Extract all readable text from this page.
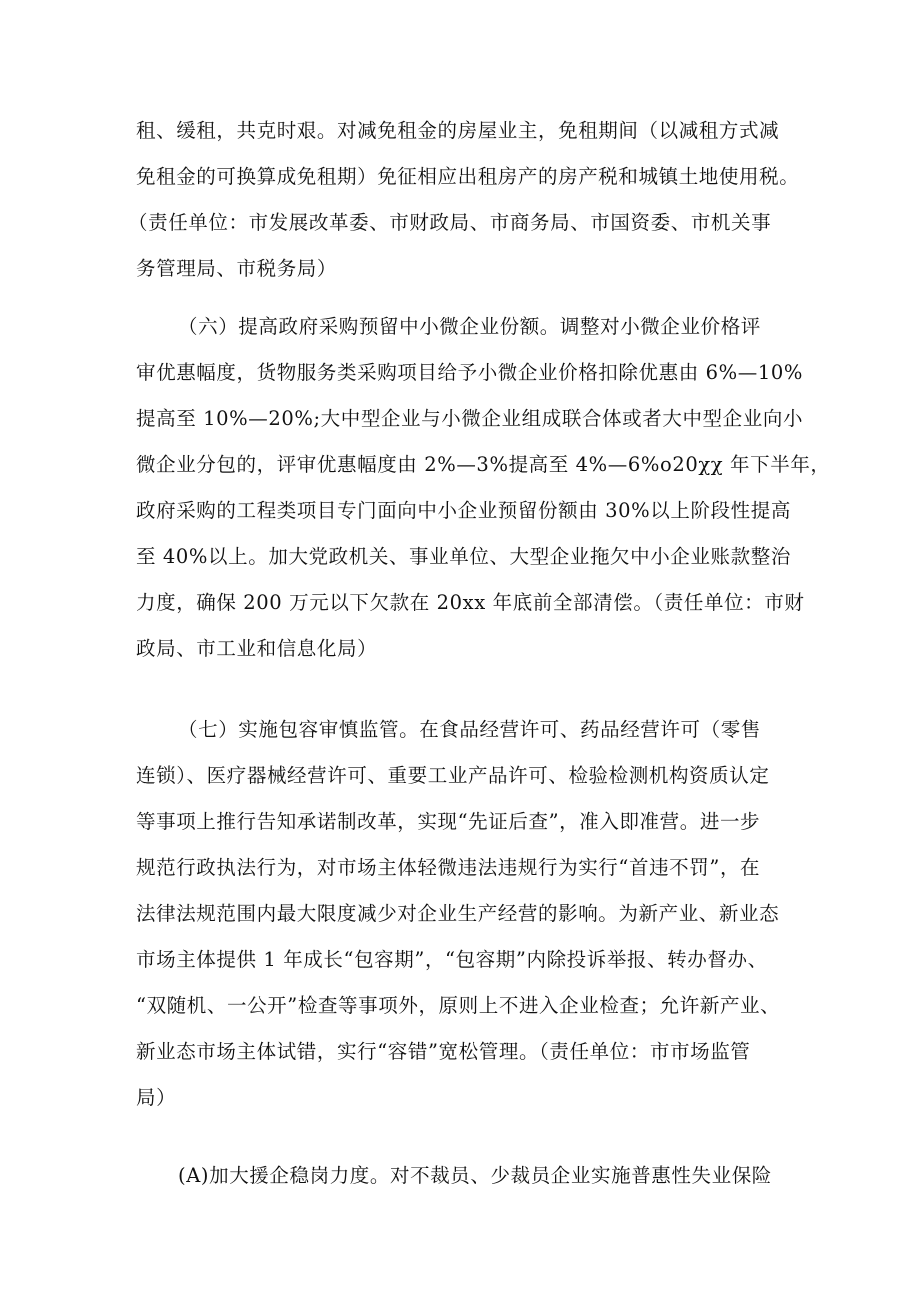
租、缓租，共克时艰。对减免租金的房屋业主，免租期间（以减租方式减
免租金的可换算成免租期）免征相应出租房产的房产税和城镇土地使用税。
（责任单位：市发展改革委、市财政局、市商务局、市国资委、市机关事
务管理局、市税务局）
（六）提高政府采购预留中小微企业份额。调整对小微企业价格评
审优惠幅度，货物服务类采购项目给予小微企业价格扣除优惠由 6%—10%
提高至 10%—20%;大中型企业与小微企业组成联合体或者大中型企业向小
微企业分包的，评审优惠幅度由 2%—3%提高至 4%—6%o20χχ 年下半年，
政府采购的工程类项目专门面向中小企业预留份额由 30%以上阶段性提高
至 40%以上。加大党政机关、事业单位、大型企业拖欠中小企业账款整治
力度，确保 200 万元以下欠款在 20xx 年底前全部清偿。（责任单位：市财
政局、市工业和信息化局）
（七）实施包容审慎监管。在食品经营许可、药品经营许可（零售
连锁）、医疗器械经营许可、重要工业产品许可、检验检测机构资质认定
等事项上推行告知承诺制改革，实现“先证后查”，准入即准营。进一步
规范行政执法行为，对市场主体轻微违法违规行为实行“首违不罚”，在
法律法规范围内最大限度减少对企业生产经营的影响。为新产业、新业态
市场主体提供 1 年成长“包容期”，“包容期”内除投诉举报、转办督办、
“双随机、一公开”检查等事项外，原则上不进入企业检查；允许新产业、
新业态市场主体试错，实行“容错”宽松管理。（责任单位：市市场监管
局）
(A)加大援企稳岗力度。对不裁员、少裁员企业实施普惠性失业保险
